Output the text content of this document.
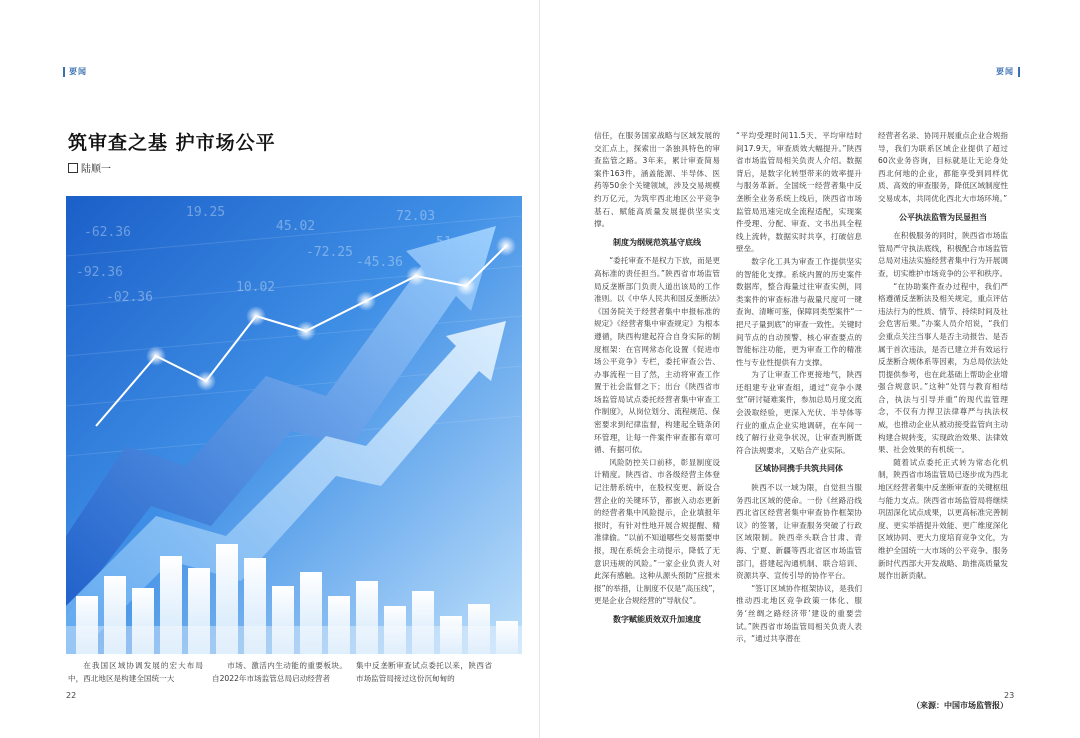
要闻	要闻
筑审查之基 护市场公平
陆顺一
-62.36
19.25
45.02
72.03
-92.36
-02.36
10.02
-45.36
-72.25

在我国区域协调发展的宏大布局中，西北地区是构建全国统一大

市场、激活内生动能的重要板块。自2022年市场监管总局启动经营者

集中反垄断审查试点委托以来，陕西省市场监管局接过这份沉甸甸的

信任，在服务国家战略与区域发展的交汇点上，探索出一条独具特色的审查监管之路。3年来，累计审查简易案件163件，涵盖能源、半导体、医药等50余个关键领域，涉及交易规模约万亿元，为筑牢西北地区公平竞争基石、赋能高质量发展提供坚实支撑。

制度为纲规范筑基守底线

“委托审查不是权力下放，而是更高标准的责任担当。”陕西省市场监管局反垄断部门负责人道出该局的工作准则。以《中华人民共和国反垄断法》《国务院关于经营者集中申报标准的规定》《经营者集中审查规定》为根本遵循，陕西构建起符合自身实际的制度框架：在官网常态化设置《促进市场公平竞争》专栏，委托审查公告、办事流程一目了然，主动将审查工作置于社会监督之下；出台《陕西省市场监管局试点委托经营者集中审查工作制度》，从岗位划分、流程规范、保密要求到纪律监督，构建起全链条闭环管理，让每一件案件审查都有章可循、有据可依。

风险防控关口前移，彰显制度设计精度。陕西省、市各级经营主体登记注册系统中，在股权变更、新设合营企业的关键环节，都嵌入动态更新的经营者集中风险提示，企业填报年报时，有针对性地开展合规提醒、精准律偷。“以前不知道哪些交易需要申报，现在系统会主动提示，降低了无意识违规的风险。”一家企业负责人对此深有感触。这种从源头预防“应报未报”的举措，让制度不仅是“高压线”，更是企业合规经营的“导航仪”。

数字赋能质效双升加速度

“平均受理时间11.5天、平均审结时间17.9天，审查质效大幅提升。”陕西省市场监管局相关负责人介绍。数据背后，是数字化转型带来的效率提升与服务革新。全国统一经营者集中反垄断全业务系统上线后，陕西省市场监管局迅速完成全流程适配，实现案件受理、分配、审查、文书出具全程线上流转，数据实时共享，打破信息壁垒。

数字化工具为审查工作提供坚实的智能化支撑。系统内置的历史案件数据库，整合海量过往审查实例，同类案件的审查标准与裁量尺度可一键查询、清晰可鉴，保障同类型案件“一把尺子量到底”的审查一致性。关键时间节点的自动预警、核心审查要点的智能标注功能，更为审查工作的精准性与专业性提供有力支撑。

为了让审查工作更接地气，陕西还组建专业审查组，通过“竞争小课堂”研讨疑难案件，参加总局月度交流会汲取经验，更深入光伏、半导体等行业的重点企业实地调研，在车间一线了解行业竞争状况，让审查判断既符合法规要求，又贴合产业实际。

区域协同携手共筑共同体

陕西不以一域为限，自觉担当服务西北区域的使命。一份《丝路沿线西北省区经营者集中审查协作框架协议》的签署，让审查服务突破了行政区域限制。陕西牵头联合甘肃、青海、宁夏、新疆等西北省区市场监管部门，搭建起沟通机制、联合培训、资源共享、宣传引导的协作平台。

“签订区域协作框架协议，是我们推动西北地区竞争政策一体化、服务‘丝绸之路经济带’建设的重要尝试。”陕西省市场监管局相关负责人表示，“通过共享潜在

经营者名录、协同开展重点企业合规指导，我们为联系区域企业提供了超过60次业务咨询，目标就是让无论身处西北何地的企业，都能享受到同样优质、高效的审查服务，降低区域制度性交易成本，共同优化西北大市场环境。”

公平执法监管为民显担当

在积极服务的同时，陕西省市场监管局严守执法底线，积极配合市场监管总局对违法实施经营者集中行为开展调查，切实维护市场竞争的公平和秩序。

“在协助案件查办过程中，我们严格遵循反垄断法及相关规定，重点评估违法行为的性质、情节、持续时间及社会危害后果。”办案人员介绍说，“我们会重点关注当事人是否主动报告、是否属于首次违法，是否已建立并有效运行反垄断合规体系等因素，为总局依法处罚提供参考，也在此基础上帮助企业增强合规意识。”这种“处罚与教育相结合，执法与引导并重”的现代监管理念，不仅有力捍卫法律尊严与执法权威，也推动企业从被动接受监管向主动构建合规转变，实现政治效果、法律效果、社会效果的有机统一。

随着试点委托正式转为常态化机制，陕西省市场监管局已逐步成为西北地区经营者集中反垄断审查的关键枢纽与能力支点。陕西省市场监管局将继续巩固深化试点成果，以更高标准完善制度、更实举措提升效能、更广维度深化区域协同、更大力度培育竞争文化，为维护全国统一大市场的公平竞争、服务新时代西部大开发战略、助推高质量发展作出新贡献。

（来源：中国市场监管报）
22	23
